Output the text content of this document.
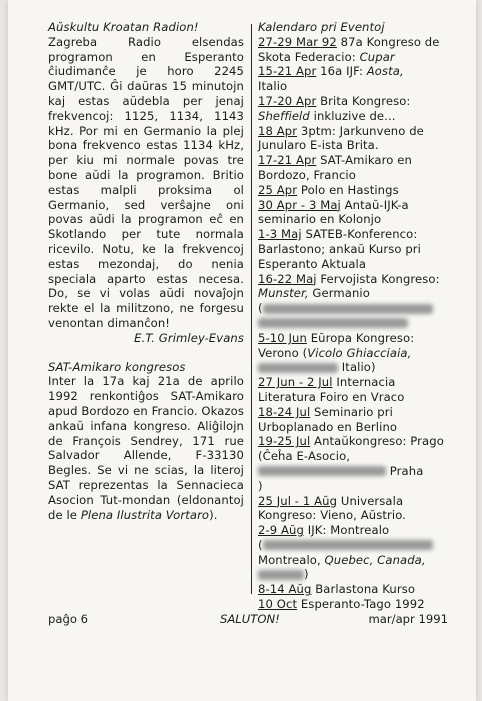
Aŭskultu Kroatan Radion!

Zagreba Radio elsendas programon en Esperanto ĉiudimanĉe je horo 2245 GMT/UTC. Ĝi daŭras 15 minutojn kaj estas aŭdebla per jenaj frekvencoj: 1125, 1134, 1143 kHz. Por mi en Germanio la plej bona frekvenco estas 1134 kHz, per kiu mi normale povas tre bone aŭdi la programon. Britio estas malpli proksima ol Germanio, sed verŝajne oni povas aŭdi la programon eĉ en Skotlando per tute normala ricevilo. Notu, ke la frekvencoj estas mezondaj, do nenia speciala aparto estas necesa. Do, se vi volas aŭdi novaĵojn rekte el la militzono, ne forgesu venontan dimanĉon!

E.T. Grimley-Evans

SAT-Amikaro kongresos

Inter la 17a kaj 21a de aprilo 1992 renkontiĝos SAT-Amikaro apud Bordozo en Francio. Okazos ankaŭ infana kongreso. Aliĝilojn de François Sendrey, 171 rue Salvador Allende, F-33130 Begles. Se vi ne scias, la literoj SAT reprezentas la Sennacieca Asocion Tut-mondan (eldonantoj de le Plena Ilustrita Vortaro).

Kalendaro pri Eventoj

27-29 Mar 92 87a Kongreso de Skota Federacio: Cupar

15-21 Apr 16a IJF: Aosta,
Italio

17-20 Apr Brita Kongreso: Sheffield inkluzive de...

18 Apr 3ptm: Jarkunveno de Junularo E-ista Brita.

17-21 Apr SAT-Amikaro en Bordozo, Francio

25 Apr Polo en Hastings

30 Apr - 3 Maj Antaŭ-IJK-a seminario en Kolonjo

1-3 Maj SATEB-Konferenco: Barlastono; ankaŭ Kurso pri Esperanto Aktuala

16-22 Maj Fervojista Kongreso: Munster, Germanio
(

5-10 Jun Eŭropa Kongreso: Verono (Vicolo Ghiacciaia,
Italio)

27 Jun - 2 Jul Internacia Literatura Foiro en Vraco

18-24 Jul Seminario pri Urboplanado en Berlino

19-25 Jul Antaŭkongreso: Prago (Ĉeĥa E-Asocio,
Praha
)

25 Jul - 1 Aŭg Universala Kongreso: Vieno, Aŭstrio.

2-9 Aŭg IJK: Montrealo
(
Montrealo, Quebec, Canada,
)

8-14 Aŭg Barlastona Kurso

10 Oct Esperanto-Tago 1992

paĝo 6	SALUTON!	mar/apr 1991
